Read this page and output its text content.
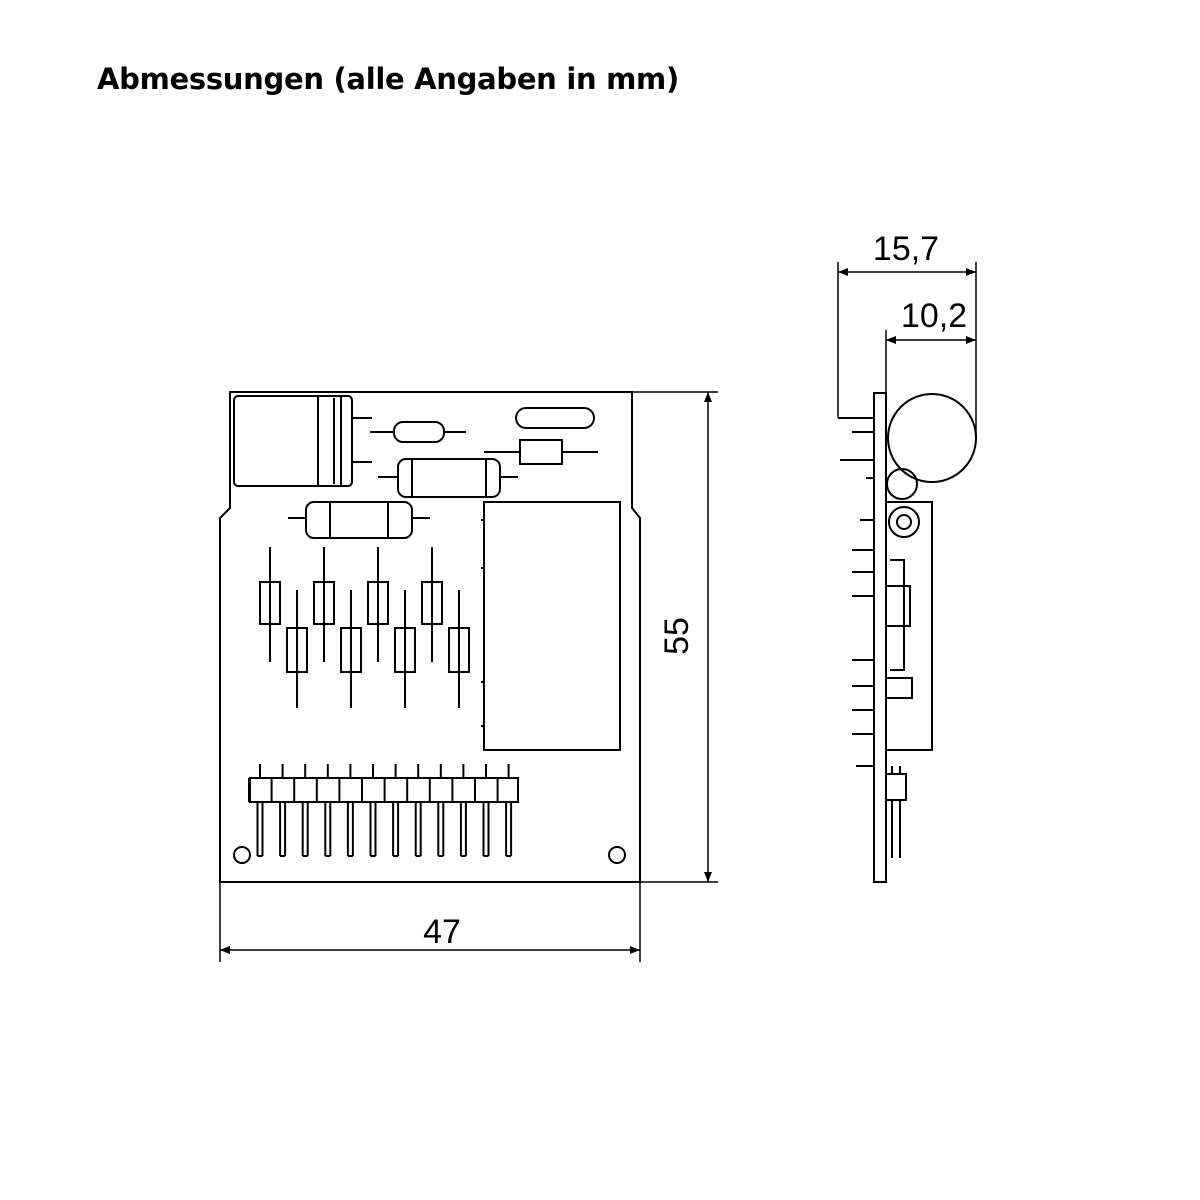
Abmessungen (alle Angaben in mm)
55
47
15,7
10,2
